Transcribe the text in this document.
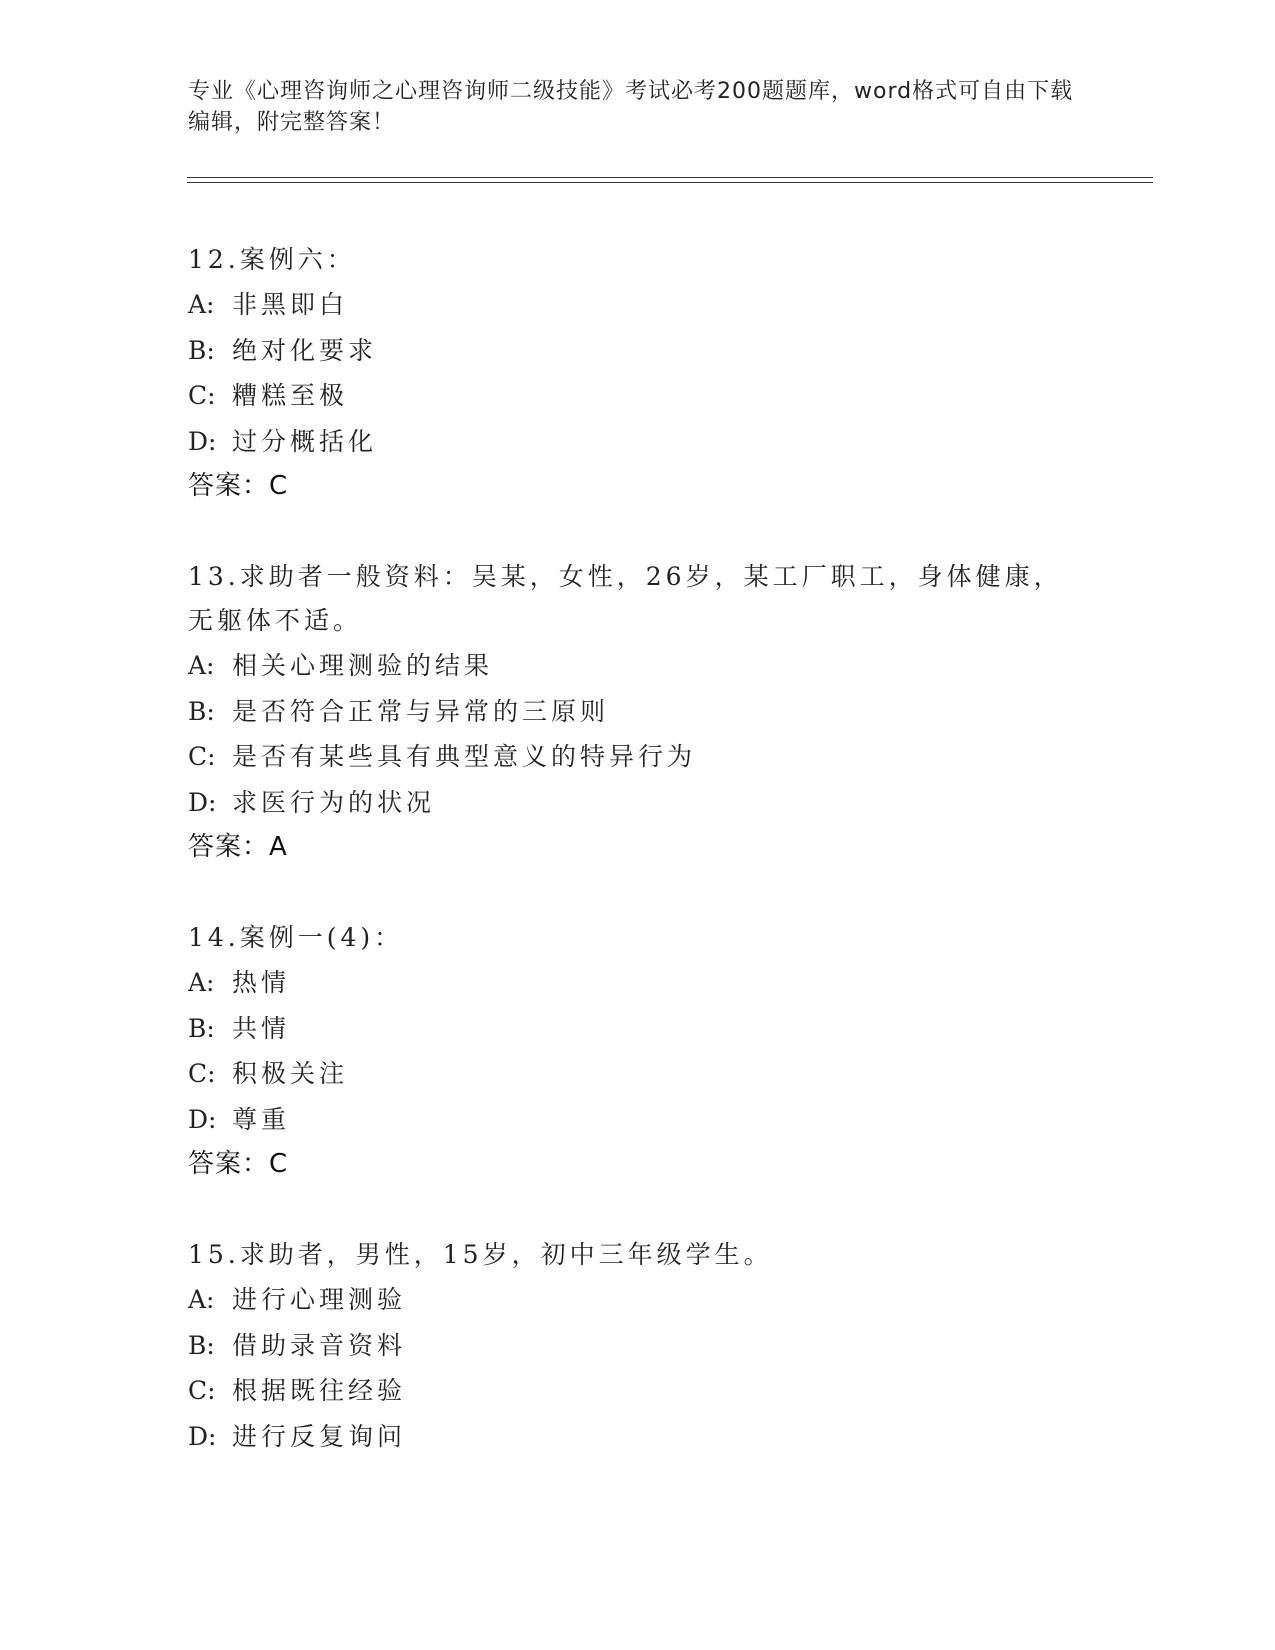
专业《心理咨询师之心理咨询师二级技能》考试必考200题题库，word格式可自由下载编辑，附完整答案！

12.案例六：

A: 非黑即白
B: 绝对化要求
C: 糟糕至极
D: 过分概括化
答案：C

13.求助者一般资料：吴某，女性，26岁，某工厂职工，身体健康，无躯体不适。

A: 相关心理测验的结果
B: 是否符合正常与异常的三原则
C: 是否有某些具有典型意义的特异行为
D: 求医行为的状况
答案：A

14.案例一(4)：

A: 热情
B: 共情
C: 积极关注
D: 尊重
答案：C

15.求助者，男性，15岁，初中三年级学生。

A: 进行心理测验
B: 借助录音资料
C: 根据既往经验
D: 进行反复询问
